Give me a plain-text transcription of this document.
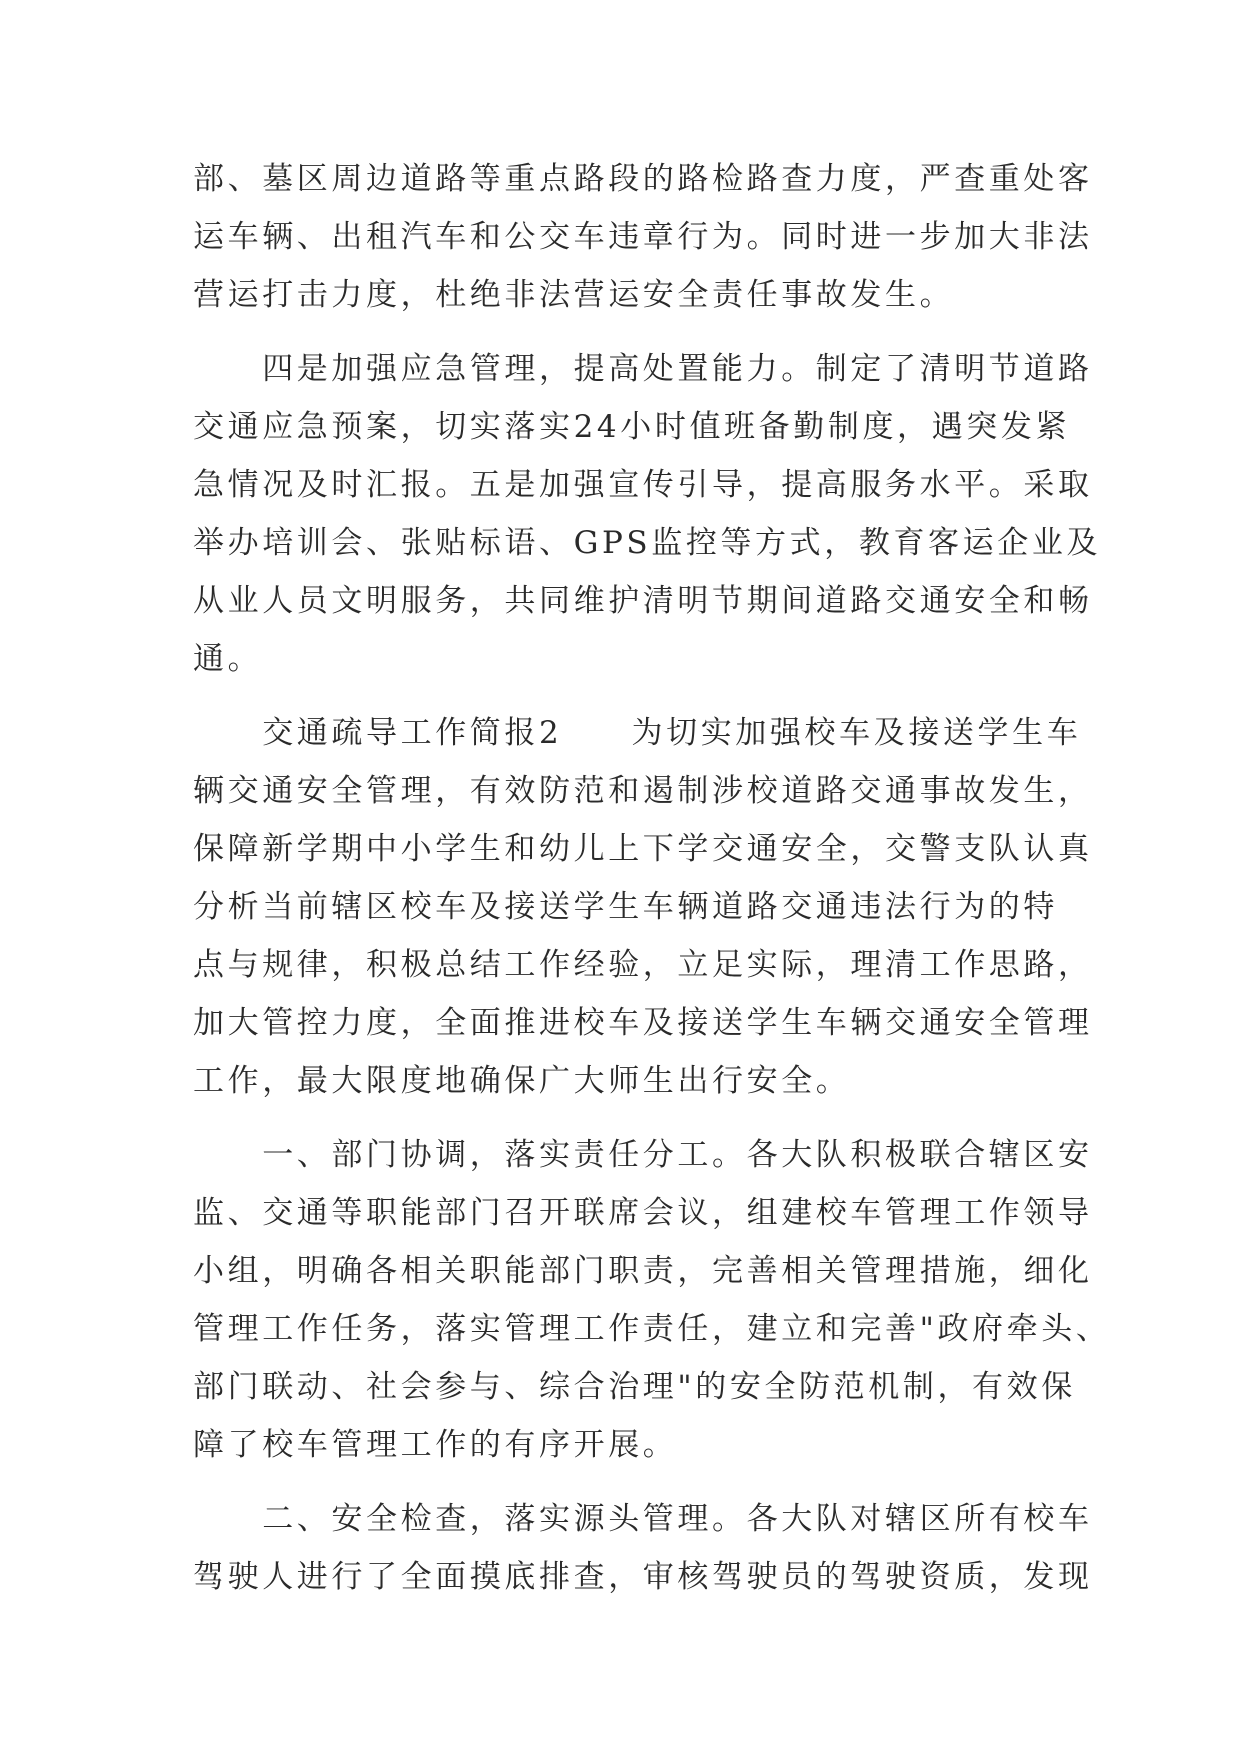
部、墓区周边道路等重点路段的路检路查力度，严查重处客

运车辆、出租汽车和公交车违章行为。同时进一步加大非法

营运打击力度，杜绝非法营运安全责任事故发生。

　　四是加强应急管理，提高处置能力。制定了清明节道路

交通应急预案，切实落实24小时值班备勤制度，遇突发紧

急情况及时汇报。五是加强宣传引导，提高服务水平。采取

举办培训会、张贴标语、GPS监控等方式，教育客运企业及

从业人员文明服务，共同维护清明节期间道路交通安全和畅

通。

　　交通疏导工作简报2　　为切实加强校车及接送学生车

辆交通安全管理，有效防范和遏制涉校道路交通事故发生，

保障新学期中小学生和幼儿上下学交通安全，交警支队认真

分析当前辖区校车及接送学生车辆道路交通违法行为的特

点与规律，积极总结工作经验，立足实际，理清工作思路，

加大管控力度，全面推进校车及接送学生车辆交通安全管理

工作，最大限度地确保广大师生出行安全。

　　一、部门协调，落实责任分工。各大队积极联合辖区安

监、交通等职能部门召开联席会议，组建校车管理工作领导

小组，明确各相关职能部门职责，完善相关管理措施，细化

管理工作任务，落实管理工作责任，建立和完善"政府牵头、

部门联动、社会参与、综合治理"的安全防范机制，有效保

障了校车管理工作的有序开展。

　　二、安全检查，落实源头管理。各大队对辖区所有校车

驾驶人进行了全面摸底排查，审核驾驶员的驾驶资质，发现
